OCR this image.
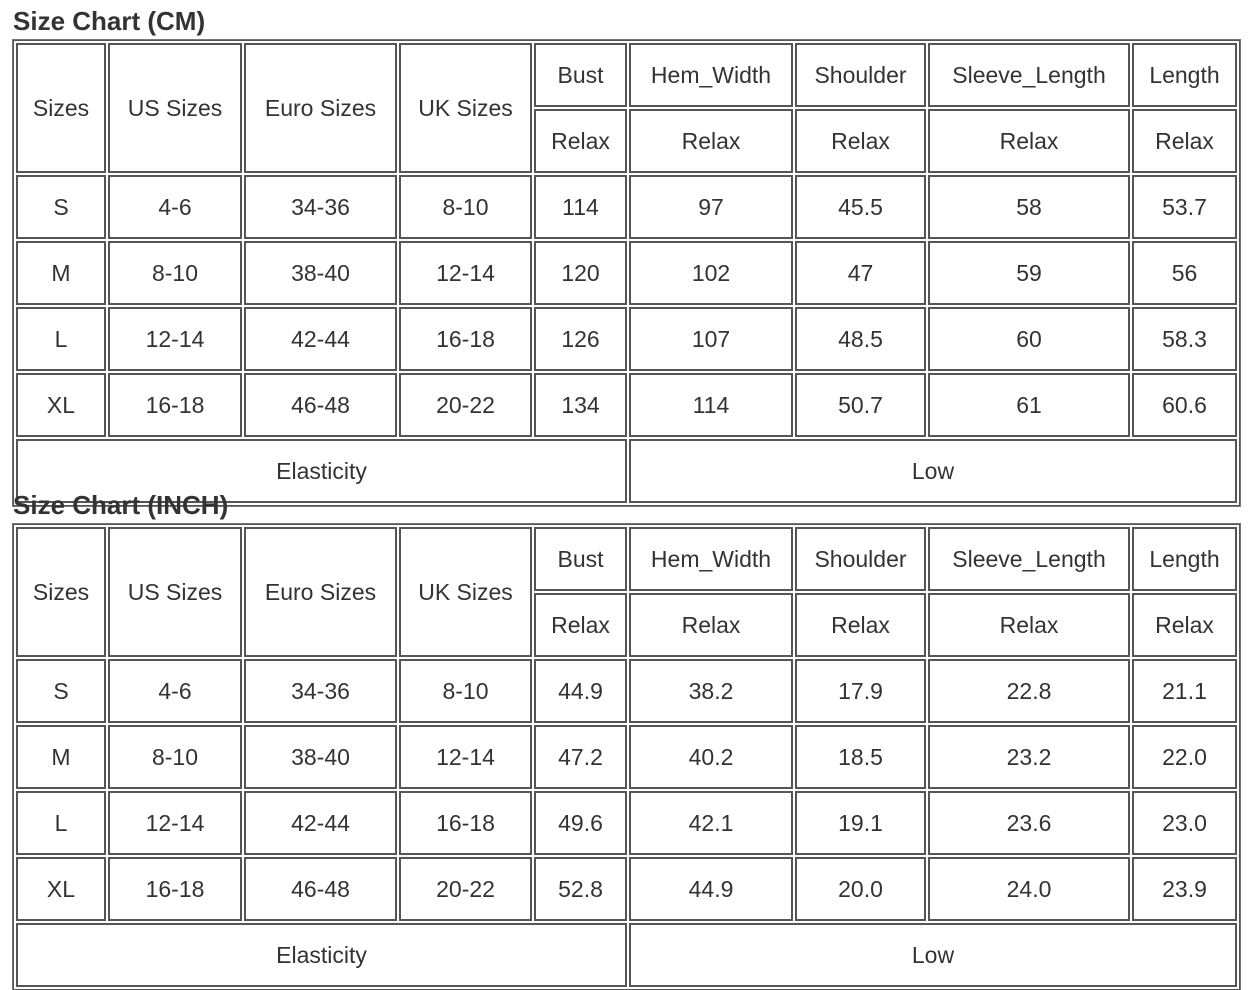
Size Chart (CM)
Sizes	US Sizes	Euro Sizes	UK Sizes	Bust	Hem_Width	Shoulder	Sleeve_Length	Length
				Relax	Relax	Relax	Relax	Relax
S	4-6	34-36	8-10	114	97	45.5	58	53.7
M	8-10	38-40	12-14	120	102	47	59	56
L	12-14	42-44	16-18	126	107	48.5	60	58.3
XL	16-18	46-48	20-22	134	114	50.7	61	60.6
Elasticity					Low			
Size Chart (INCH)
Sizes	US Sizes	Euro Sizes	UK Sizes	Bust	Hem_Width	Shoulder	Sleeve_Length	Length
				Relax	Relax	Relax	Relax	Relax
S	4-6	34-36	8-10	44.9	38.2	17.9	22.8	21.1
M	8-10	38-40	12-14	47.2	40.2	18.5	23.2	22.0
L	12-14	42-44	16-18	49.6	42.1	19.1	23.6	23.0
XL	16-18	46-48	20-22	52.8	44.9	20.0	24.0	23.9
Elasticity					Low			
